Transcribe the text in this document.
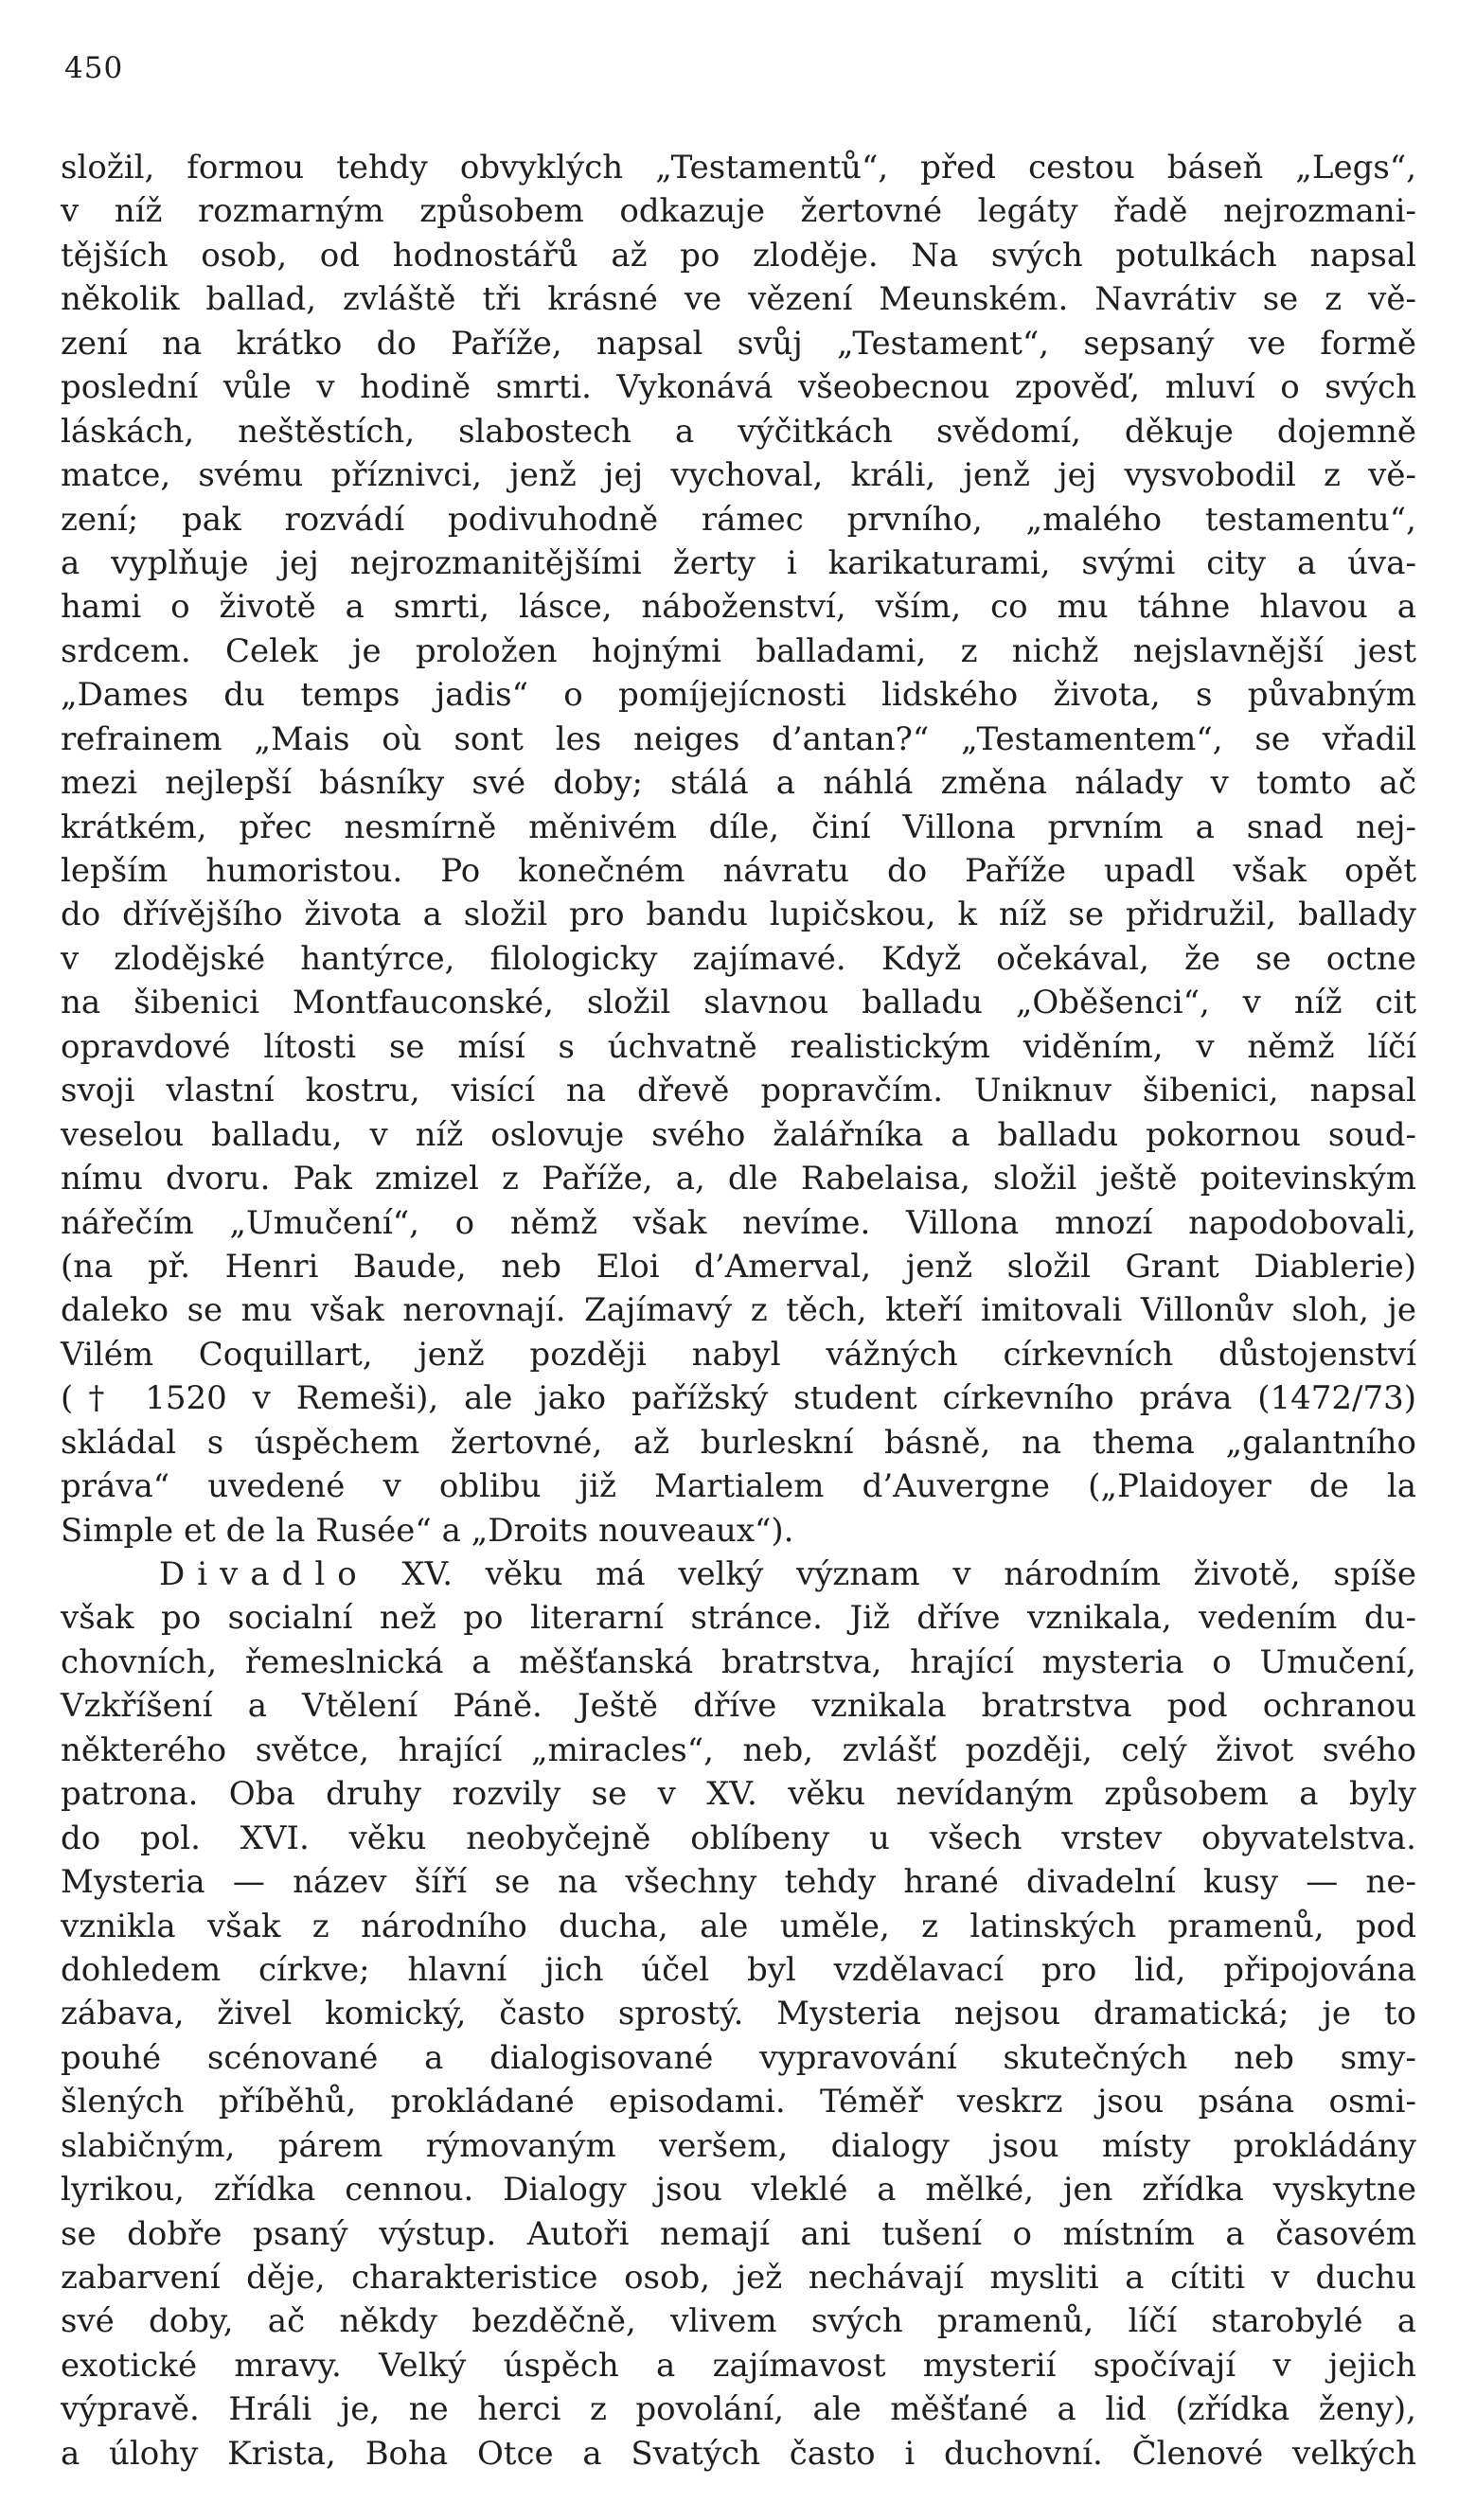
450
složil, formou tehdy obvyklých „Testamentů“, před cestou báseň „Legs“,
v níž rozmarným způsobem odkazuje žertovné legáty řadě nejrozmani-
tějších osob, od hodnostářů až po zloděje. Na svých potulkách napsal
několik ballad, zvláště tři krásné ve vězení Meunském. Navrátiv se z vě-
zení na krátko do Paříže, napsal svůj „Testament“, sepsaný ve formě
poslední vůle v hodině smrti. Vykonává všeobecnou zpověď, mluví o svých
láskách, neštěstích, slabostech a výčitkách svědomí, děkuje dojemně
matce, svému příznivci, jenž jej vychoval, králi, jenž jej vysvobodil z vě-
zení; pak rozvádí podivuhodně rámec prvního, „malého testamentu“,
a vyplňuje jej nejrozmanitějšími žerty i karikaturami, svými city a úva-
hami o životě a smrti, lásce, náboženství, vším, co mu táhne hlavou a
srdcem. Celek je proložen hojnými balladami, z nichž nejslavnější jest
„Dames du temps jadis“ o pomíjejícnosti lidského života, s půvabným
refrainem „Mais où sont les neiges d’antan?“ „Testamentem“, se vřadil
mezi nejlepší básníky své doby; stálá a náhlá změna nálady v tomto ač
krátkém, přec nesmírně měnivém díle, činí Villona prvním a snad nej-
lepším humoristou. Po konečném návratu do Paříže upadl však opět
do dřívějšího života a složil pro bandu lupičskou, k níž se přidružil, ballady
v zlodějské hantýrce, filologicky zajímavé. Když očekával, že se octne
na šibenici Montfauconské, složil slavnou balladu „Oběšenci“, v níž cit
opravdové lítosti se mísí s úchvatně realistickým viděním, v němž líčí
svoji vlastní kostru, visící na dřevě popravčím. Uniknuv šibenici, napsal
veselou balladu, v níž oslovuje svého žalářníka a balladu pokornou soud-
nímu dvoru. Pak zmizel z Paříže, a, dle Rabelaisa, složil ještě poitevinským
nářečím „Umučení“, o němž však nevíme. Villona mnozí napodobovali,
(na př. Henri Baude, neb Eloi d’Amerval, jenž složil Grant Diablerie)
daleko se mu však nerovnají. Zajímavý z těch, kteří imitovali Villonův sloh, je
Vilém Coquillart, jenž později nabyl vážných církevních důstojenství
(† 1520 v Remeši), ale jako pařížský student církevního práva (1472/73)
skládal s úspěchem žertovné, až burleskní básně, na thema „galantního
práva“ uvedené v oblibu již Martialem d’Auvergne („Plaidoyer de la
Simple et de la Rusée“ a „Droits nouveaux“).
Divadlo XV. věku má velký význam v národním životě, spíše
však po socialní než po literarní stránce. Již dříve vznikala, vedením du-
chovních, řemeslnická a měšťanská bratrstva, hrající mysteria o Umučení,
Vzkříšení a Vtělení Páně. Ještě dříve vznikala bratrstva pod ochranou
některého světce, hrající „miracles“, neb, zvlášť později, celý život svého
patrona. Oba druhy rozvily se v XV. věku nevídaným způsobem a byly
do pol. XVI. věku neobyčejně oblíbeny u všech vrstev obyvatelstva.
Mysteria — název šíří se na všechny tehdy hrané divadelní kusy — ne-
vznikla však z národního ducha, ale uměle, z latinských pramenů, pod
dohledem církve; hlavní jich účel byl vzdělavací pro lid, připojována
zábava, živel komický, často sprostý. Mysteria nejsou dramatická; je to
pouhé scénované a dialogisované vypravování skutečných neb smy-
šlených příběhů, prokládané episodami. Téměř veskrz jsou psána osmi-
slabičným, párem rýmovaným veršem, dialogy jsou místy prokládány
lyrikou, zřídka cennou. Dialogy jsou vleklé a mělké, jen zřídka vyskytne
se dobře psaný výstup. Autoři nemají ani tušení o místním a časovém
zabarvení děje, charakteristice osob, jež nechávají mysliti a cítiti v duchu
své doby, ač někdy bezděčně, vlivem svých pramenů, líčí starobylé a
exotické mravy. Velký úspěch a zajímavost mysterií spočívají v jejich
výpravě. Hráli je, ne herci z povolání, ale měšťané a lid (zřídka ženy),
a úlohy Krista, Boha Otce a Svatých často i duchovní. Členové velkých
